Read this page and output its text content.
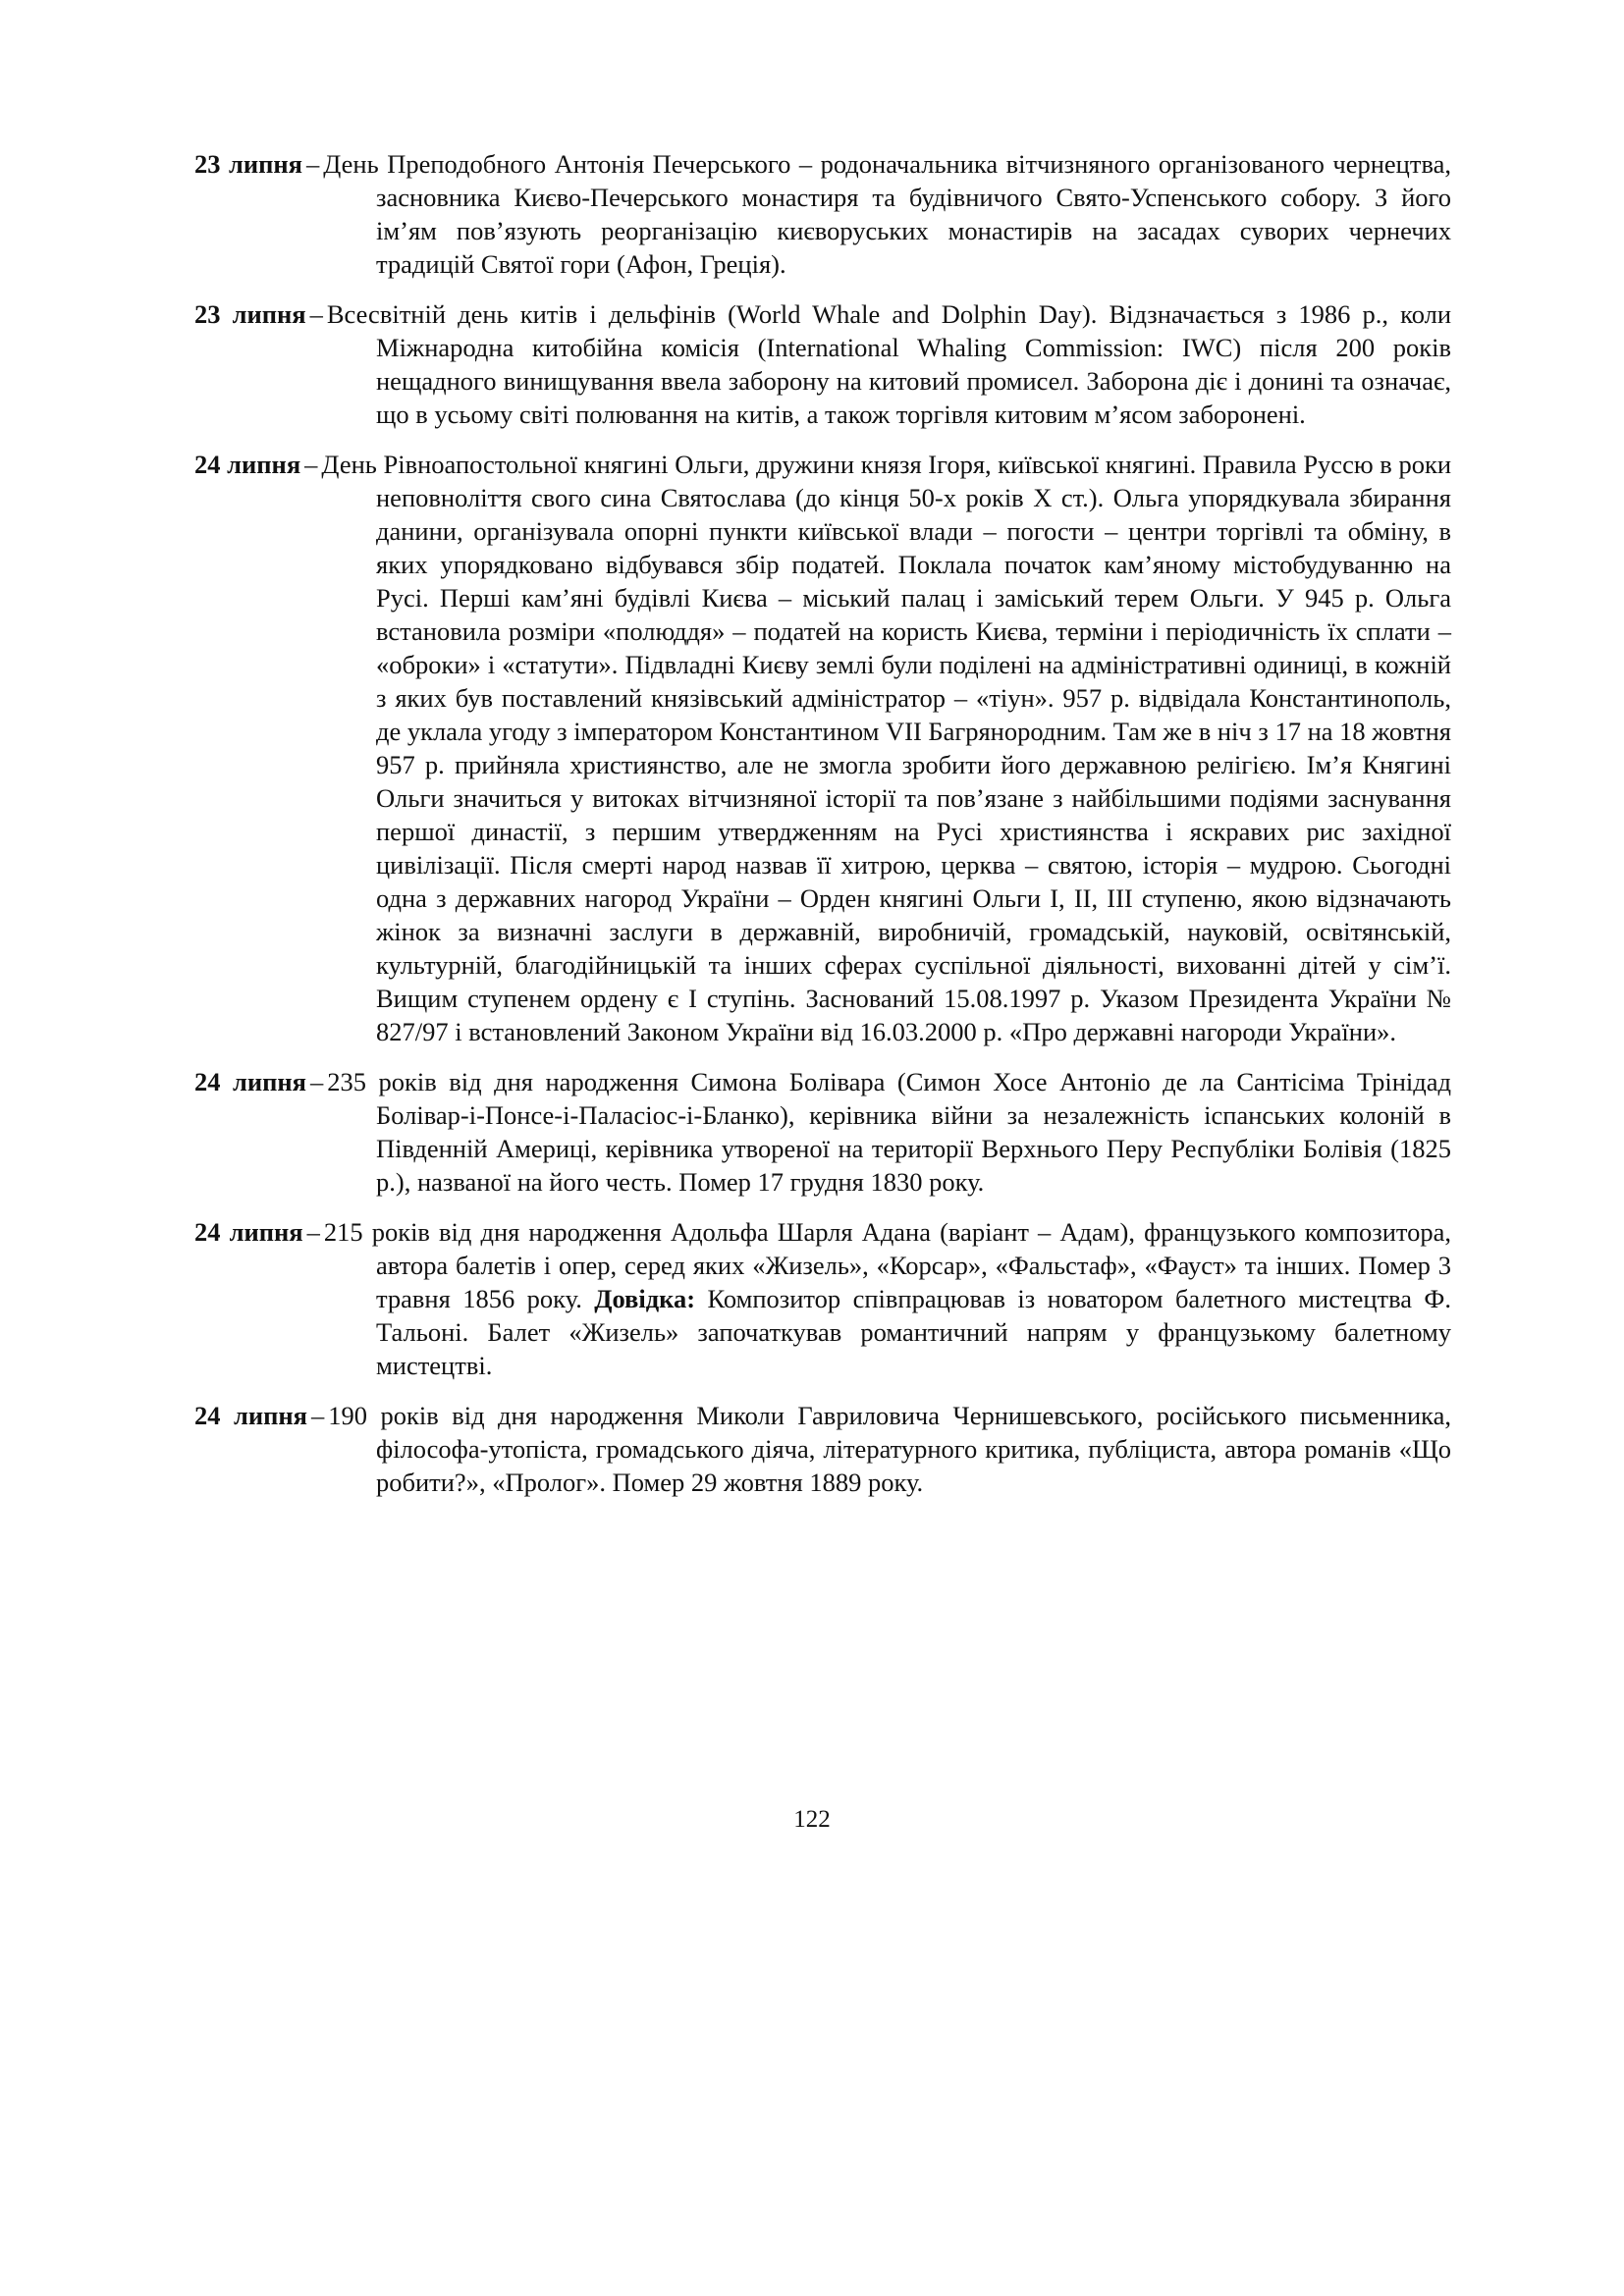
23 липня – День Преподобного Антонія Печерського – родоначальника вітчизняного організованого чернецтва, засновника Києво-Печерського монастиря та будівничого Свято-Успенського собору. З його ім’ям пов’язують реорганізацію києворуських монастирів на засадах суворих чернечих традицій Святої гори (Афон, Греція).

23 липня – Всесвітній день китів і дельфінів (World Whale and Dolphin Day). Відзначається з 1986 р., коли Міжнародна китобійна комісія (International Whaling Commission: IWC) після 200 років нещадного винищування ввела заборону на китовий промисел. Заборона діє і донині та означає, що в усьому світі полювання на китів, а також торгівля китовим м’ясом заборонені.

24 липня – День Рівноапостольної княгині Ольги, дружини князя Ігоря, київської княгині. Правила Руссю в роки неповноліття свого сина Святослава (до кінця 50-х років X ст.). Ольга упорядкувала збирання данини, організувала опорні пункти київської влади – погости – центри торгівлі та обміну, в яких упорядковано відбувався збір податей. Поклала початок кам’яному містобудуванню на Русі. Перші кам’яні будівлі Києва – міський палац і заміський терем Ольги. У 945 р. Ольга встановила розміри «полюддя» – податей на користь Києва, терміни і періодичність їх сплати – «оброки» і «статути». Підвладні Києву землі були поділені на адміністративні одиниці, в кожній з яких був поставлений князівський адміністратор – «тіун». 957 р. відвідала Константинополь, де уклала угоду з імператором Константином VII Багрянородним. Там же в ніч з 17 на 18 жовтня 957 р. прийняла християнство, але не змогла зробити його державною релігією. Ім’я Княгині Ольги значиться у витоках вітчизняної історії та пов’язане з найбільшими подіями заснування першої династії, з першим утвердженням на Русі християнства і яскравих рис західної цивілізації. Після смерті народ назвав її хитрою, церква – святою, історія – мудрою. Сьогодні одна з державних нагород України – Орден княгині Ольги I, II, III ступеню, якою відзначають жінок за визначні заслуги в державній, виробничій, громадській, науковій, освітянській, культурній, благодійницькій та інших сферах суспільної діяльності, вихованні дітей у сім’ї. Вищим ступенем ордену є I ступінь. Заснований 15.08.1997 р. Указом Президента України № 827/97 і встановлений Законом України від 16.03.2000 р. «Про державні нагороди України».

24 липня – 235 років від дня народження Симона Болівара (Симон Хосе Антоніо де ла Сантісіма Трінідад Болівар-і-Понсе-і-Паласіос-і-Бланко), керівника війни за незалежність іспанських колоній в Південній Америці, керівника утвореної на території Верхнього Перу Республіки Болівія (1825 р.), названої на його честь. Помер 17 грудня 1830 року.

24 липня – 215 років від дня народження Адольфа Шарля Адана (варіант – Адам), французького композитора, автора балетів і опер, серед яких «Жизель», «Корсар», «Фальстаф», «Фауст» та інших. Помер 3 травня 1856 року. Довідка: Композитор співпрацював із новатором балетного мистецтва Ф. Тальоні. Балет «Жизель» започаткував романтичний напрям у французькому балетному мистецтві.

24 липня – 190 років від дня народження Миколи Гавриловича Чернишевського, російського письменника, філософа-утопіста, громадського діяча, літературного критика, публіциста, автора романів «Що робити?», «Пролог». Помер 29 жовтня 1889 року.

122
